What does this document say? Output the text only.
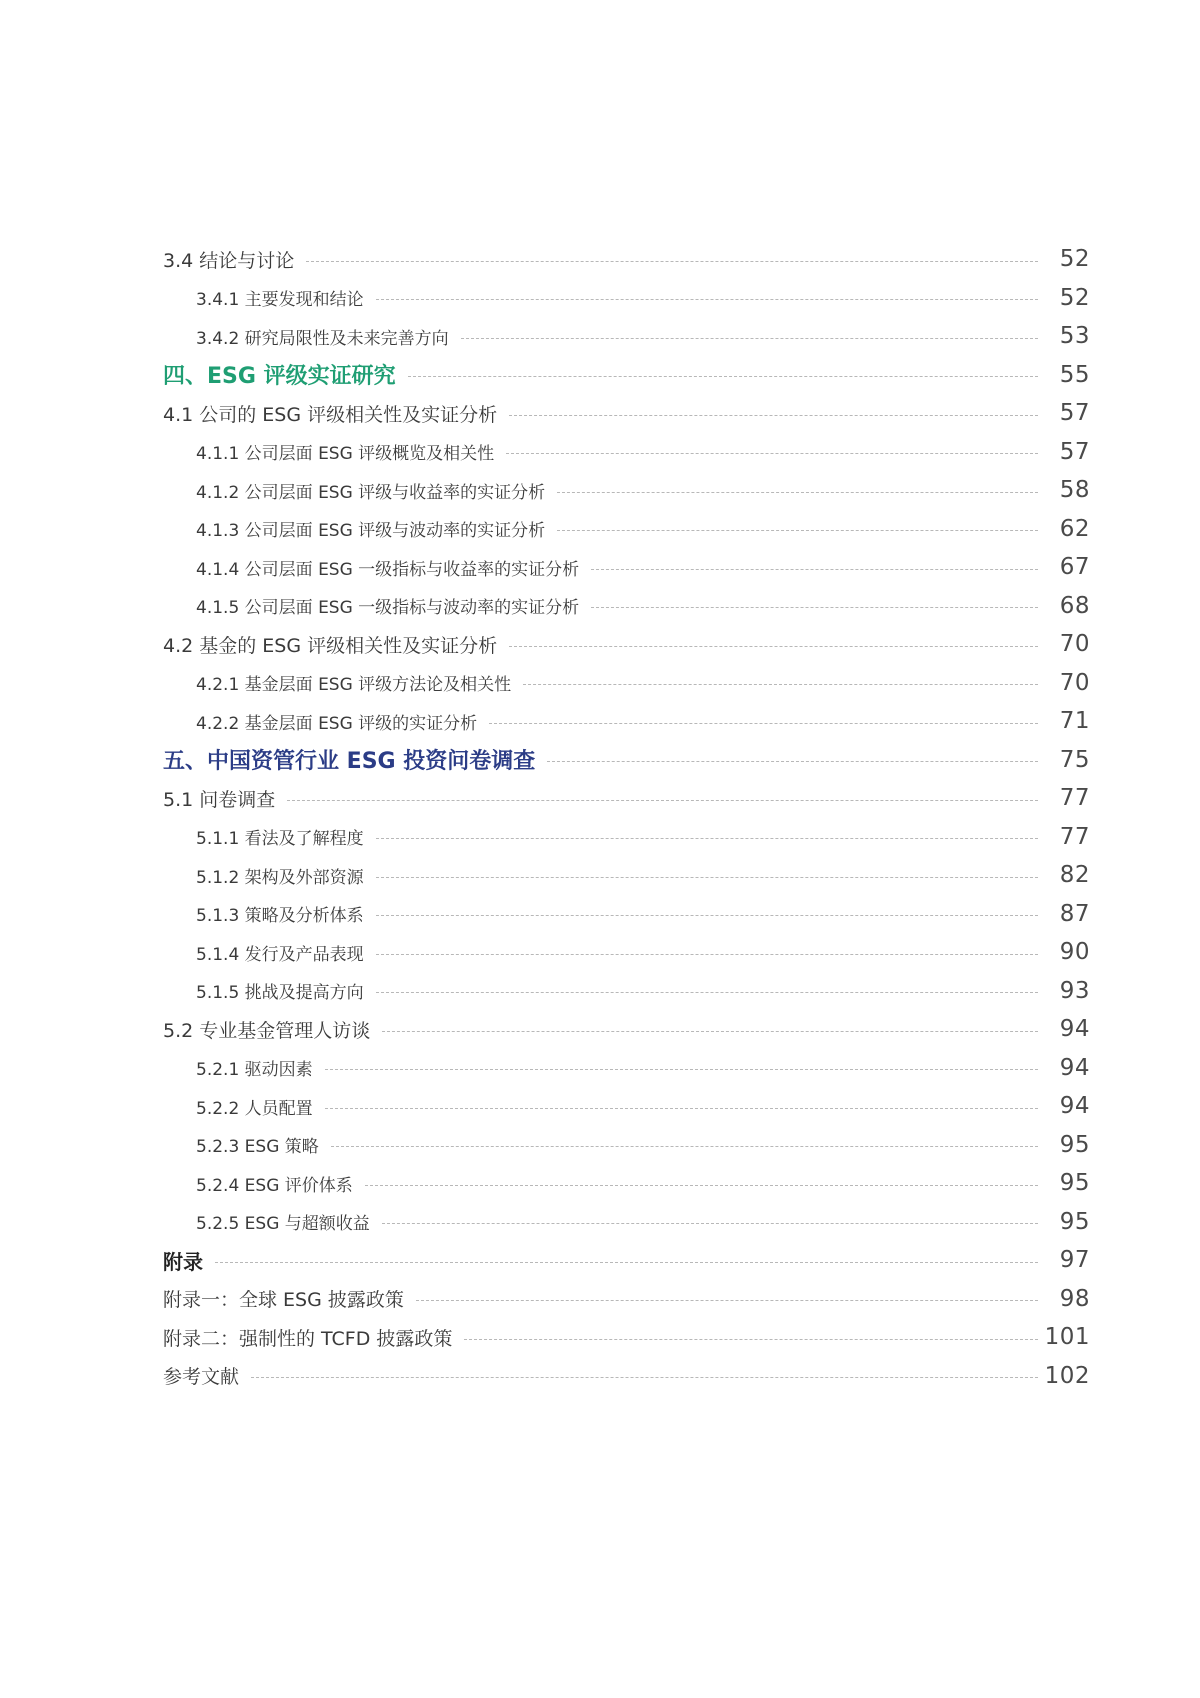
3.4 结论与讨论	52
3.4.1 主要发现和结论	52
3.4.2 研究局限性及未来完善方向	53
四、ESG 评级实证研究	55
4.1 公司的 ESG 评级相关性及实证分析	57
4.1.1 公司层面 ESG 评级概览及相关性	57
4.1.2 公司层面 ESG 评级与收益率的实证分析	58
4.1.3 公司层面 ESG 评级与波动率的实证分析	62
4.1.4 公司层面 ESG 一级指标与收益率的实证分析	67
4.1.5 公司层面 ESG 一级指标与波动率的实证分析	68
4.2 基金的 ESG 评级相关性及实证分析	70
4.2.1 基金层面 ESG 评级方法论及相关性	70
4.2.2 基金层面 ESG 评级的实证分析	71
五、中国资管行业 ESG 投资问卷调查	75
5.1 问卷调查	77
5.1.1 看法及了解程度	77
5.1.2 架构及外部资源	82
5.1.3 策略及分析体系	87
5.1.4 发行及产品表现	90
5.1.5 挑战及提高方向	93
5.2 专业基金管理人访谈	94
5.2.1 驱动因素	94
5.2.2 人员配置	94
5.2.3 ESG 策略	95
5.2.4 ESG 评价体系	95
5.2.5 ESG 与超额收益	95
附录	97
附录一：全球 ESG 披露政策	98
附录二：强制性的 TCFD 披露政策	101
参考文献	102
